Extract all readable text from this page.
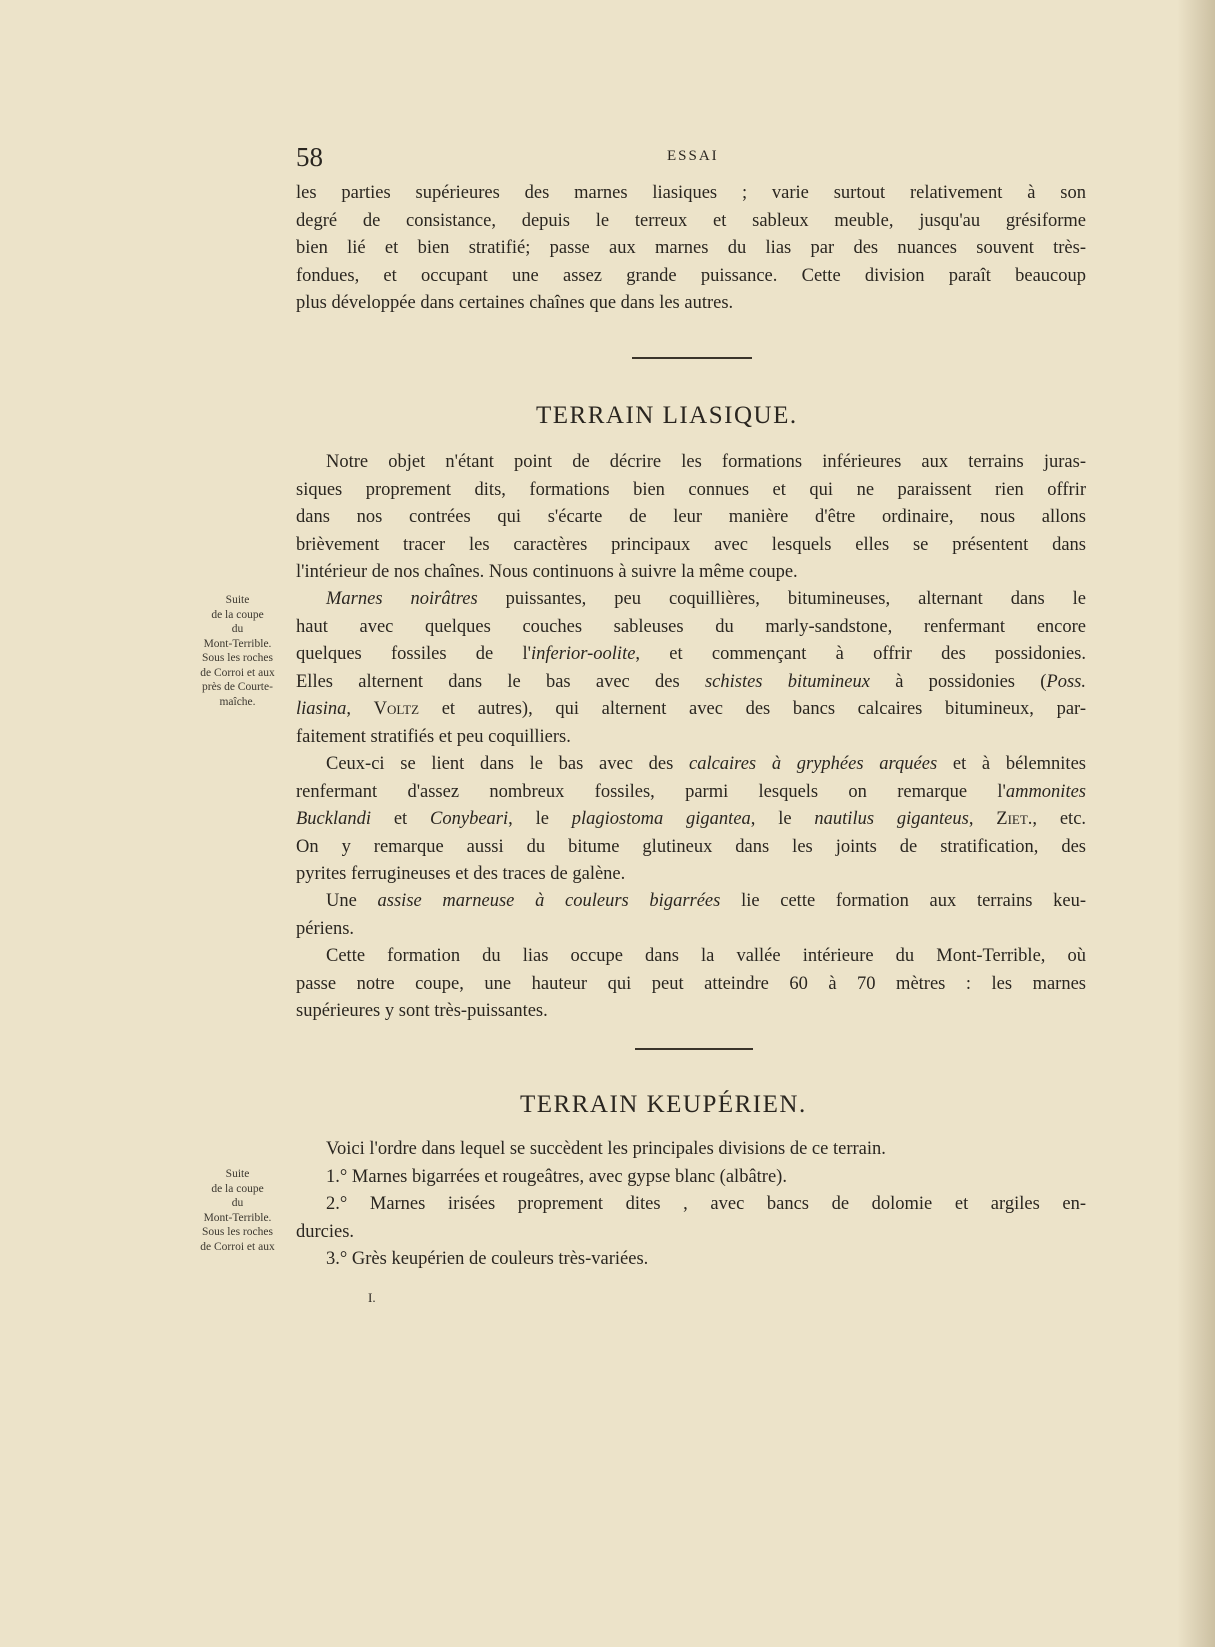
58	ESSAI
les parties supérieures des marnes liasiques ; varie surtout relativement à son
degré de consistance, depuis le terreux et sableux meuble, jusqu'au grésiforme
bien lié et bien stratifié; passe aux marnes du lias par des nuances souvent très-
fondues, et occupant une assez grande puissance. Cette division paraît beaucoup
plus développée dans certaines chaînes que dans les autres.
TERRAIN LIASIQUE.
Notre objet n'étant point de décrire les formations inférieures aux terrains juras-
siques proprement dits, formations bien connues et qui ne paraissent rien offrir
dans nos contrées qui s'écarte de leur manière d'être ordinaire, nous allons
brièvement tracer les caractères principaux avec lesquels elles se présentent dans
l'intérieur de nos chaînes. Nous continuons à suivre la même coupe.
Marnes noirâtres puissantes, peu coquillières, bitumineuses, alternant dans le
haut avec quelques couches sableuses du marly-sandstone, renfermant encore
quelques fossiles de l'inferior-oolite, et commençant à offrir des possidonies.
Elles alternent dans le bas avec des schistes bitumineux à possidonies (Poss.
liasina, Voltz et autres), qui alternent avec des bancs calcaires bitumineux, par-
faitement stratifiés et peu coquilliers.
Ceux-ci se lient dans le bas avec des calcaires à gryphées arquées et à bélemnites
renfermant d'assez nombreux fossiles, parmi lesquels on remarque l'ammonites
Bucklandi et Conybeari, le plagiostoma gigantea, le nautilus giganteus, Ziet., etc.
On y remarque aussi du bitume glutineux dans les joints de stratification, des
pyrites ferrugineuses et des traces de galène.
Une assise marneuse à couleurs bigarrées lie cette formation aux terrains keu-
périens.
Cette formation du lias occupe dans la vallée intérieure du Mont-Terrible, où
passe notre coupe, une hauteur qui peut atteindre 60 à 70 mètres : les marnes
supérieures y sont très-puissantes.
TERRAIN KEUPÉRIEN.
Voici l'ordre dans lequel se succèdent les principales divisions de ce terrain.
1.° Marnes bigarrées et rougeâtres, avec gypse blanc (albâtre).
2.° Marnes irisées proprement dites , avec bancs de dolomie et argiles en-
durcies.
3.° Grès keupérien de couleurs très-variées.
I.
Suite
de la coupe
du
Mont-Terrible.
Sous les roches
de Corroi et aux
près de Courte-
maîche.
Suite
de la coupe
du
Mont-Terrible.
Sous les roches
de Corroi et aux
